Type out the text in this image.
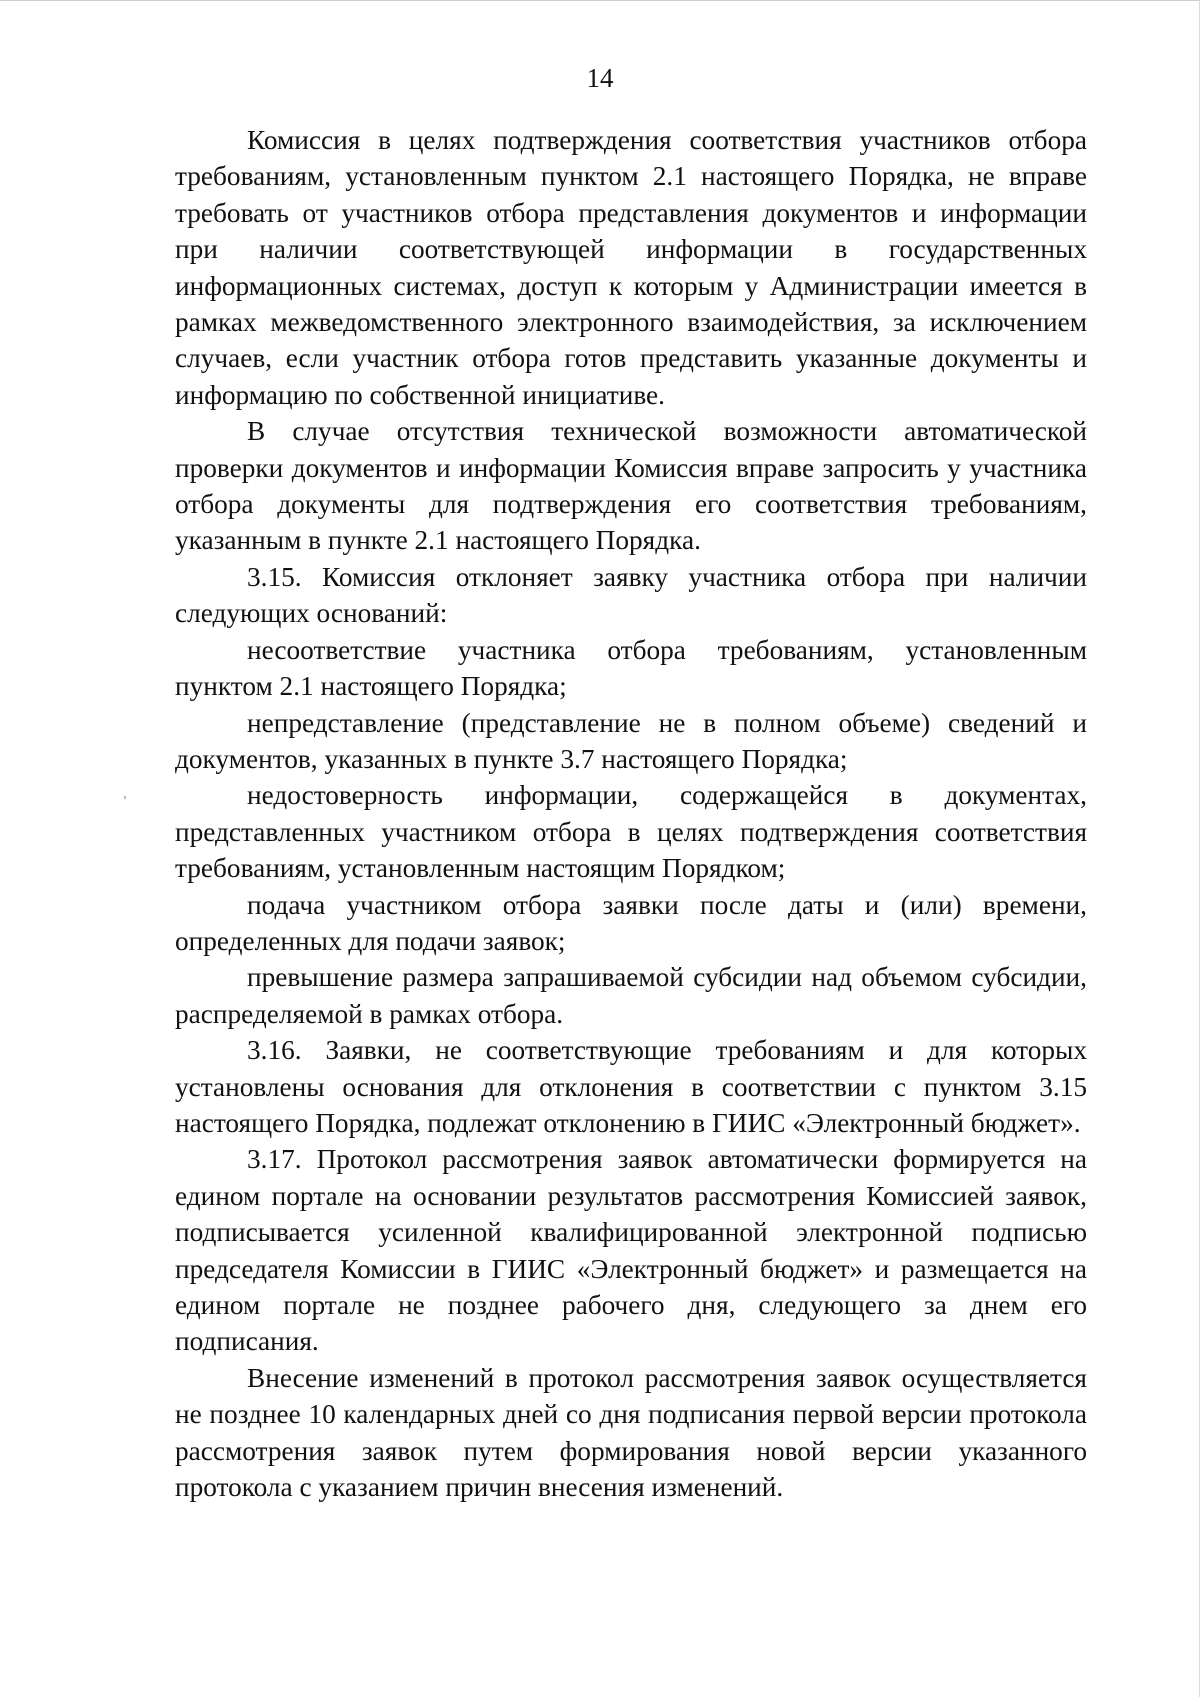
14

Комиссия в целях подтверждения соответствия участников отбора требованиям, установленным пунктом 2.1 настоящего Порядка, не вправе требовать от участников отбора представления документов и информации при наличии соответствующей информации в государственных информационных системах, доступ к которым у Администрации имеется в рамках межведомственного электронного взаимодействия, за исключением случаев, если участник отбора готов представить указанные документы и информацию по собственной инициативе.

В случае отсутствия технической возможности автоматической проверки документов и информации Комиссия вправе запросить у участника отбора документы для подтверждения его соответствия требованиям, указанным в пункте 2.1 настоящего Порядка.

3.15. Комиссия отклоняет заявку участника отбора при наличии следующих оснований:

несоответствие участника отбора требованиям, установленным пунктом 2.1 настоящего Порядка;

непредставление (представление не в полном объеме) сведений и документов, указанных в пункте 3.7 настоящего Порядка;

недостоверность информации, содержащейся в документах, представленных участником отбора в целях подтверждения соответствия требованиям, установленным настоящим Порядком;

подача участником отбора заявки после даты и (или) времени, определенных для подачи заявок;

превышение размера запрашиваемой субсидии над объемом субсидии, распределяемой в рамках отбора.

3.16. Заявки, не соответствующие требованиям и для которых установлены основания для отклонения в соответствии с пунктом 3.15 настоящего Порядка, подлежат отклонению в ГИИС «Электронный бюджет».

3.17. Протокол рассмотрения заявок автоматически формируется на едином портале на основании результатов рассмотрения Комиссией заявок, подписывается усиленной квалифицированной электронной подписью председателя Комиссии в ГИИС «Электронный бюджет» и размещается на едином портале не позднее рабочего дня, следующего за днем его подписания.

Внесение изменений в протокол рассмотрения заявок осуществляется не позднее 10 календарных дней со дня подписания первой версии протокола рассмотрения заявок путем формирования новой версии указанного протокола с указанием причин внесения изменений.
